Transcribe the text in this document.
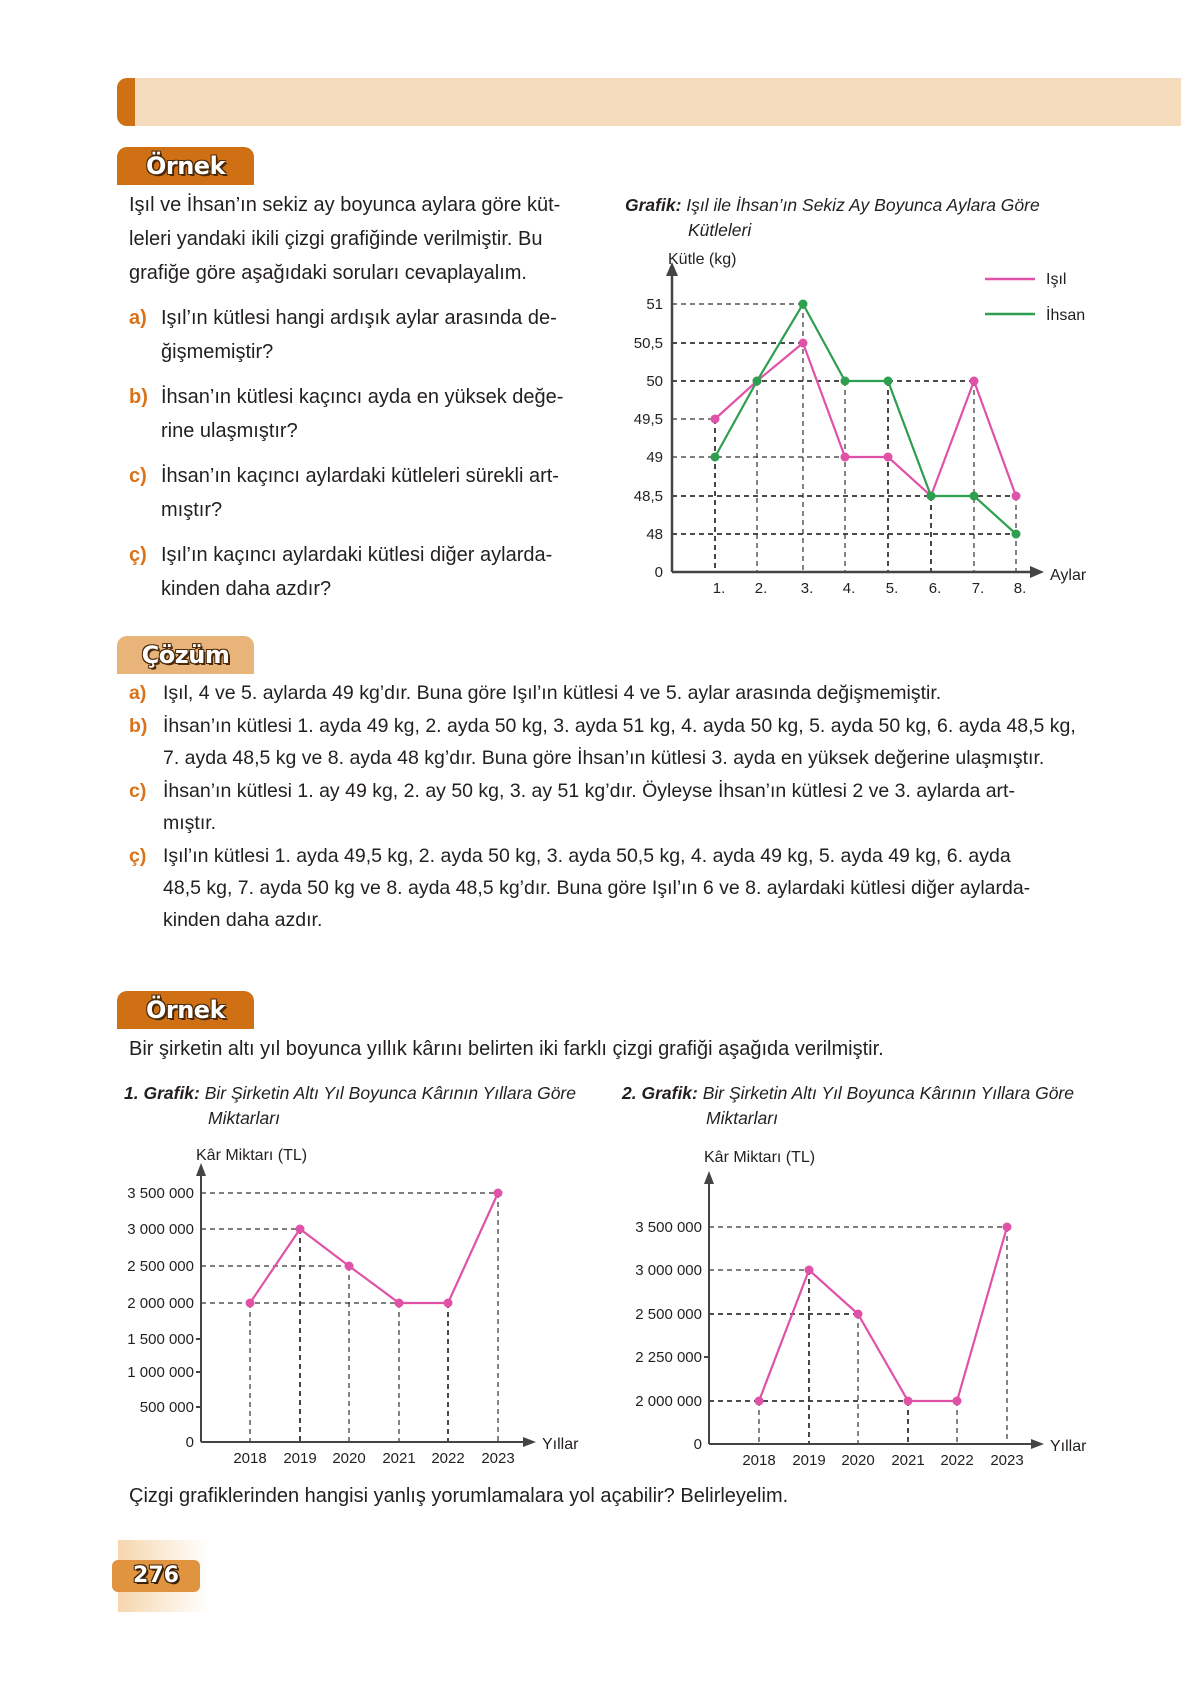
Örnek
Işıl ve İhsan’ın sekiz ay boyunca aylara göre küt-
leleri yandaki ikili çizgi grafiğinde verilmiştir. Bu
grafiğe göre aşağıdaki soruları cevaplayalım.
a) Işıl’ın kütlesi hangi ardışık aylar arasında de-
ğişmemiştir?
b) İhsan’ın kütlesi kaçıncı ayda en yüksek değe-
rine ulaşmıştır?
c) İhsan’ın kaçıncı aylardaki kütleleri sürekli art-
mıştır?
ç) Işıl’ın kaçıncı aylardaki kütlesi diğer aylarda-
kinden daha azdır?
Grafik: Işıl ile İhsan’ın Sekiz Ay Boyunca Aylara Göre
Kütleleri
51
50,5
50
49,5
49
48,5
48
0
1. 2. 3. 4. 5. 6. 7. 8.
Aylar
Kütle (kg)
Işıl
İhsan
Çözüm
a) Işıl, 4 ve 5. aylarda 49 kg’dır. Buna göre Işıl’ın kütlesi 4 ve 5. aylar arasında değişmemiştir.
b) İhsan’ın kütlesi 1. ayda 49 kg, 2. ayda 50 kg, 3. ayda 51 kg, 4. ayda 50 kg, 5. ayda 50 kg, 6. ayda 48,5 kg,
7. ayda 48,5 kg ve 8. ayda 48 kg’dır. Buna göre İhsan’ın kütlesi 3. ayda en yüksek değerine ulaşmıştır.
c) İhsan’ın kütlesi 1. ay 49 kg, 2. ay 50 kg, 3. ay 51 kg’dır. Öyleyse İhsan’ın kütlesi 2 ve 3. aylarda art-
mıştır.
ç) Işıl’ın kütlesi 1. ayda 49,5 kg, 2. ayda 50 kg, 3. ayda 50,5 kg, 4. ayda 49 kg, 5. ayda 49 kg, 6. ayda
48,5 kg, 7. ayda 50 kg ve 8. ayda 48,5 kg’dır. Buna göre Işıl’ın 6 ve 8. aylardaki kütlesi diğer aylarda-
kinden daha azdır.
Örnek
Bir şirketin altı yıl boyunca yıllık kârını belirten iki farklı çizgi grafiği aşağıda verilmiştir.
1. Grafik: Bir Şirketin Altı Yıl Boyunca Kârının Yıllara Göre
Miktarları
2. Grafik: Bir Şirketin Altı Yıl Boyunca Kârının Yıllara Göre
Miktarları
3 500 000
3 000 000
2 500 000
2 000 000
1 500 000
1 000 000
500 000
0
2018 2019 2020 2021 2022 2023
Yıllar
Kâr Miktarı (TL)
3 500 000
3 000 000
2 500 000
2 250 000
2 000 000
0
2018 2019 2020 2021 2022 2023
Yıllar
Kâr Miktarı (TL)
Çizgi grafiklerinden hangisi yanlış yorumlamalara yol açabilir? Belirleyelim.
276
